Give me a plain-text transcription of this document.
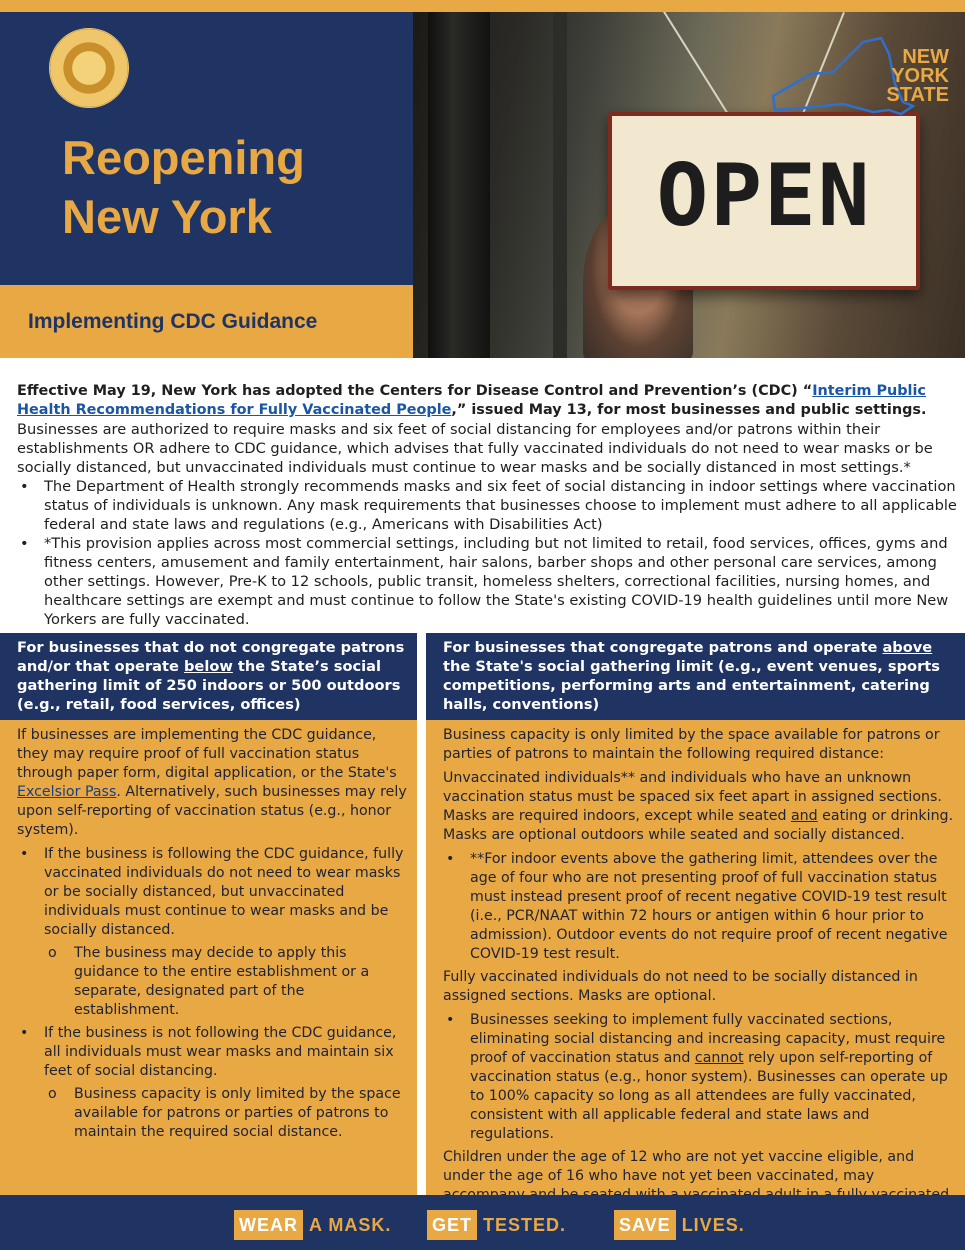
Reopening
New York
Implementing CDC Guidance
OPEN
NEW
YORK
STATE

Effective May 19, New York has adopted the Centers for Disease Control and Prevention’s (CDC) “Interim Public Health Recommendations for Fully Vaccinated People,” issued May 13, for most businesses and public settings.

Businesses are authorized to require masks and six feet of social distancing for employees and/or patrons within their establishments OR adhere to CDC guidance, which advises that fully vaccinated individuals do not need to wear masks or be socially distanced, but unvaccinated individuals must continue to wear masks and be socially distanced in most settings.*

• The Department of Health strongly recommends masks and six feet of social distancing in indoor settings where vaccination status of individuals is unknown. Any mask requirements that businesses choose to implement must adhere to all applicable federal and state laws and regulations (e.g., Americans with Disabilities Act)
• *This provision applies across most commercial settings, including but not limited to retail, food services, offices, gyms and fitness centers, amusement and family entertainment, hair salons, barber shops and other personal care services, among other settings. However, Pre-K to 12 schools, public transit, homeless shelters, correctional facilities, nursing homes, and healthcare settings are exempt and must continue to follow the State's existing COVID-19 health guidelines until more New Yorkers are fully vaccinated.
For businesses that do not congregate patrons and/or that operate below the State’s social gathering limit of 250 indoors or 500 outdoors (e.g., retail, food services, offices)

If businesses are implementing the CDC guidance, they may require proof of full vaccination status through paper form, digital application, or the State's Excelsior Pass. Alternatively, such businesses may rely upon self-reporting of vaccination status (e.g., honor system).

• If the business is following the CDC guidance, fully vaccinated individuals do not need to wear masks or be socially distanced, but unvaccinated individuals must continue to wear masks and be socially distanced.
o The business may decide to apply this guidance to the entire establishment or a separate, designated part of the establishment.
• If the business is not following the CDC guidance, all individuals must wear masks and maintain six feet of social distancing.
o Business capacity is only limited by the space available for patrons or parties of patrons to maintain the required social distance.
For businesses that congregate patrons and operate above the State's social gathering limit (e.g., event venues, sports competitions, performing arts and entertainment, catering halls, conventions)

Business capacity is only limited by the space available for patrons or parties of patrons to maintain the following required distance:

Unvaccinated individuals** and individuals who have an unknown vaccination status must be spaced six feet apart in assigned sections. Masks are required indoors, except while seated and eating or drinking. Masks are optional outdoors while seated and socially distanced.

• **For indoor events above the gathering limit, attendees over the age of four who are not presenting proof of full vaccination status must instead present proof of recent negative COVID-19 test result (i.e., PCR/NAAT within 72 hours or antigen within 6 hour prior to admission). Outdoor events do not require proof of recent negative COVID-19 test result.

Fully vaccinated individuals do not need to be socially distanced in assigned sections. Masks are optional.

• Businesses seeking to implement fully vaccinated sections, eliminating social distancing and increasing capacity, must require proof of vaccination status and cannot rely upon self-reporting of vaccination status (e.g., honor system). Businesses can operate up to 100% capacity so long as all attendees are fully vaccinated, consistent with all applicable federal and state laws and regulations.

Children under the age of 12 who are not yet vaccine eligible, and under the age of 16 who have not yet been vaccinated, may

WEAR A MASK. GET TESTED.	SAVE LIVES.
